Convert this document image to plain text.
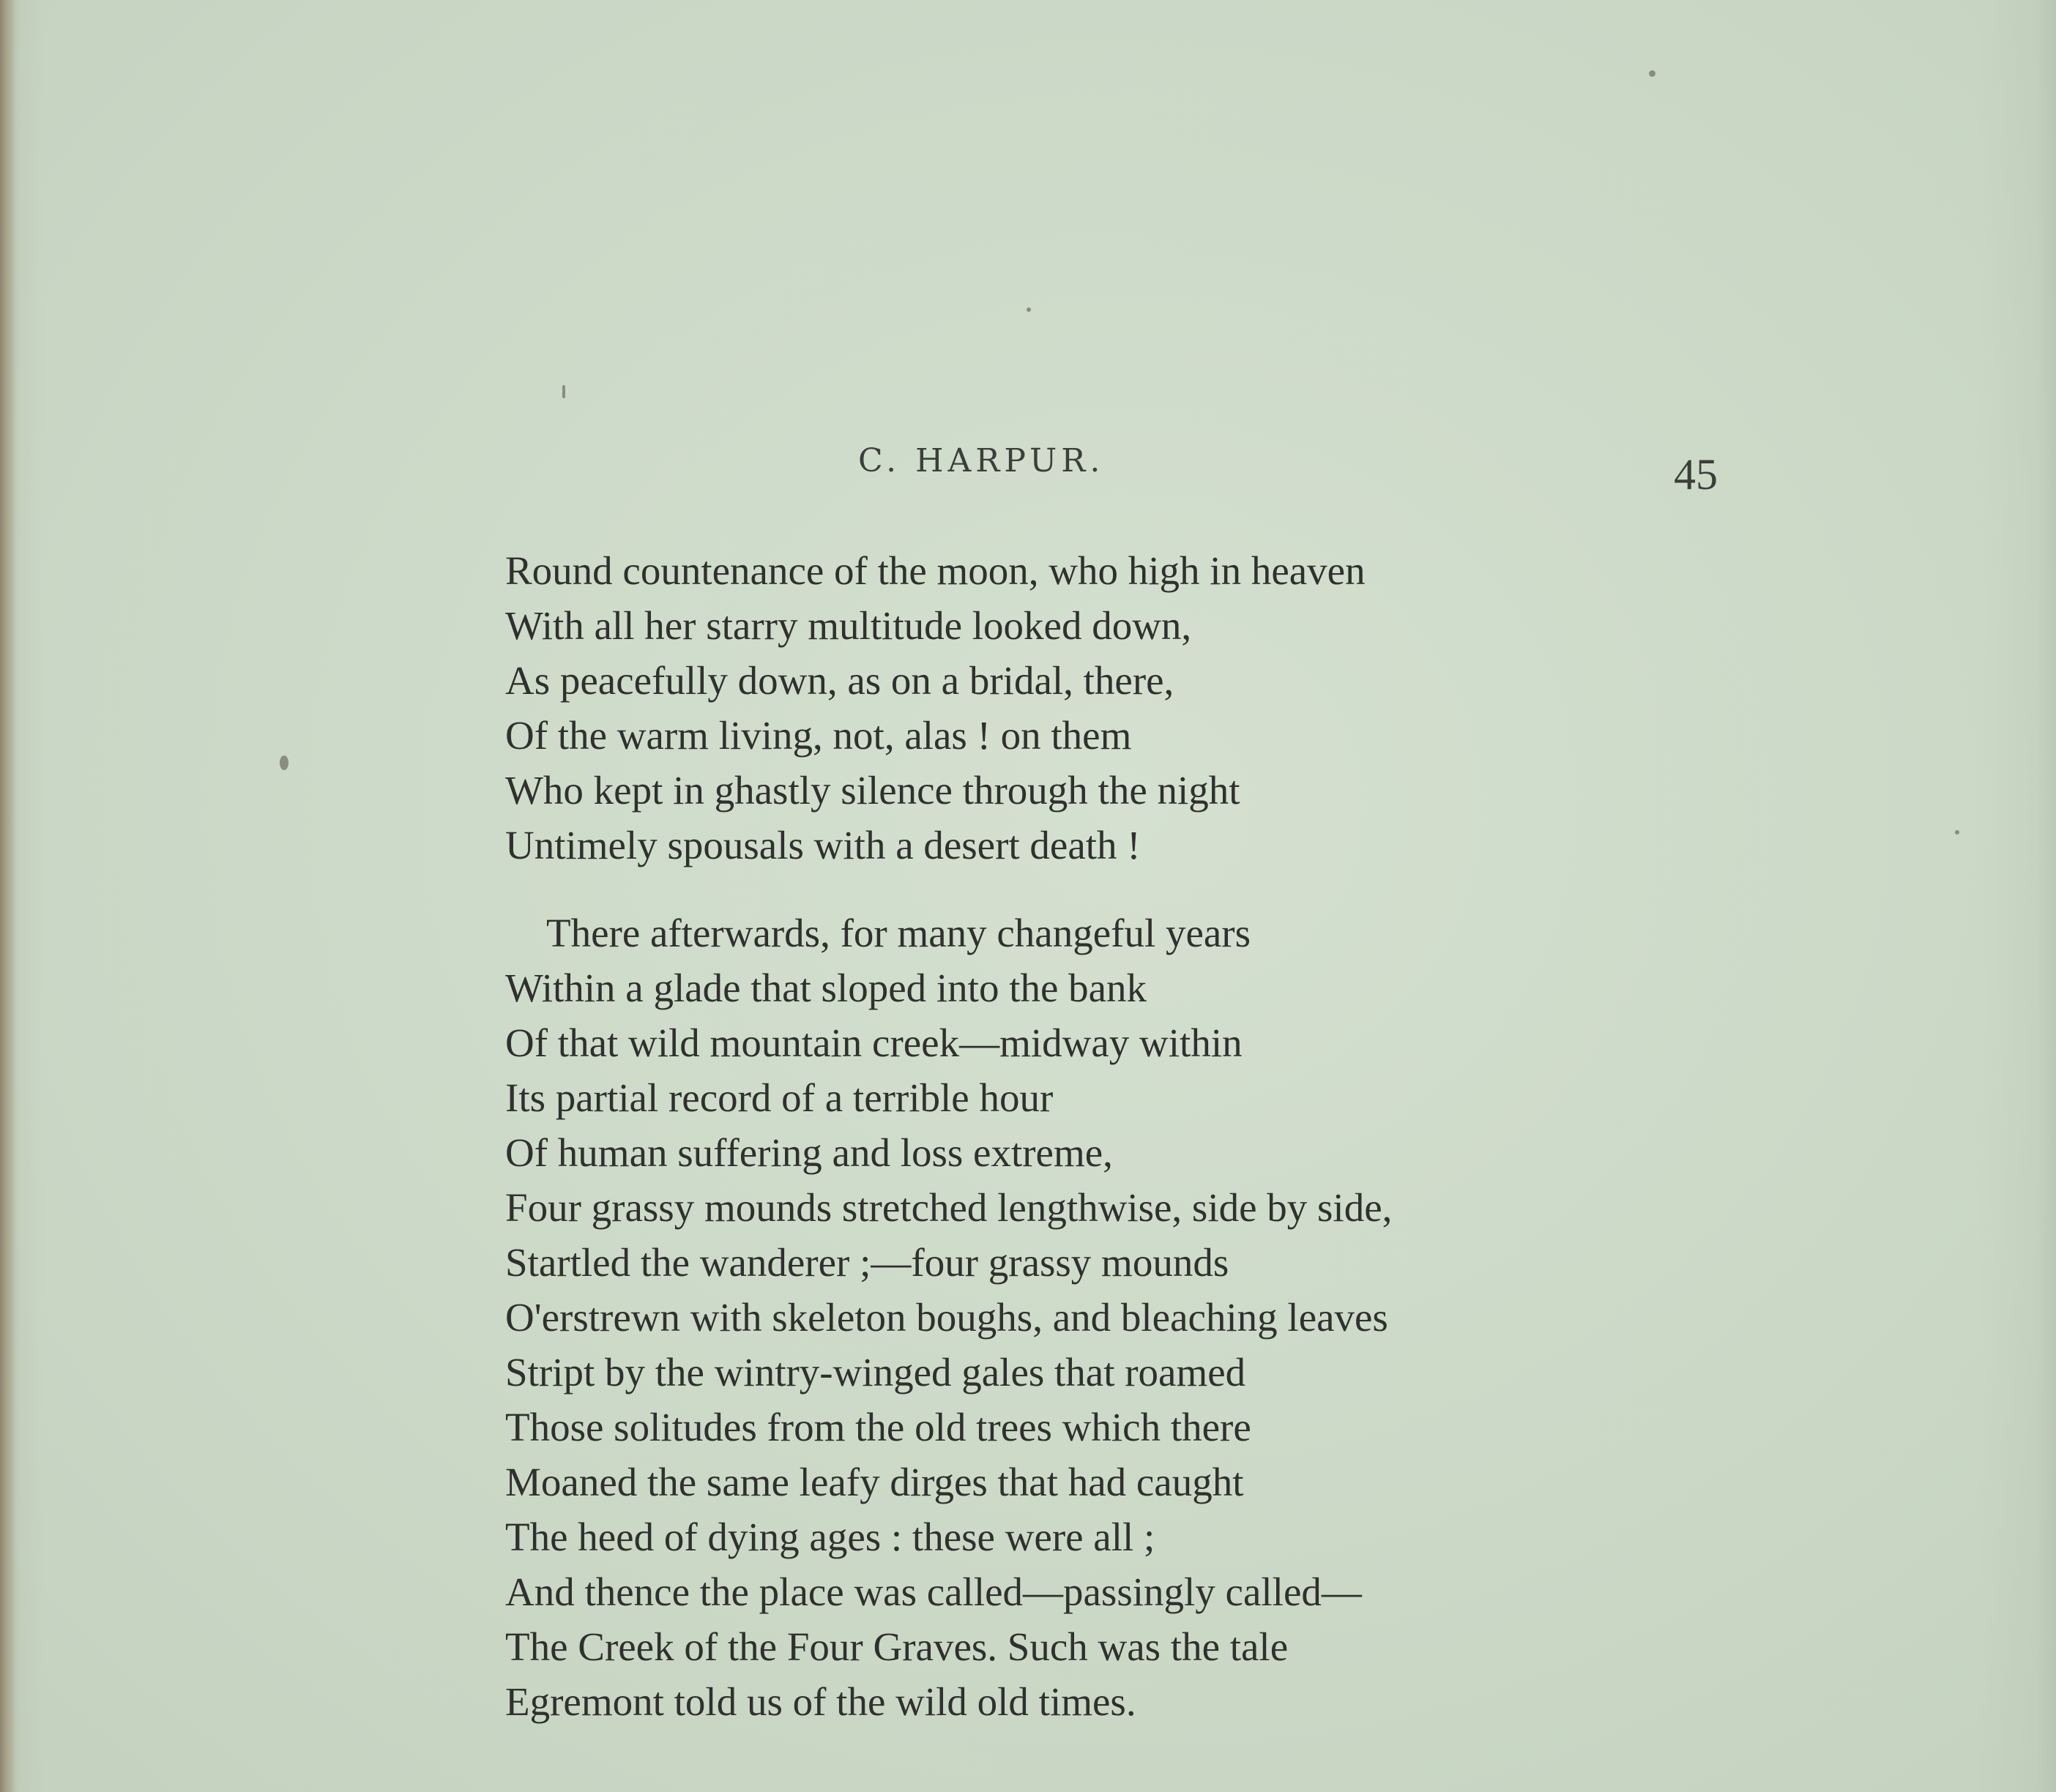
C. HARPUR.	45

Round countenance of the moon, who high in heaven
With all her starry multitude looked down,
As peacefully down, as on a bridal, there,
Of the warm living, not, alas ! on them
Who kept in ghastly silence through the night
Untimely spousals with a desert death !

There afterwards, for many changeful years
Within a glade that sloped into the bank
Of that wild mountain creek—midway within
Its partial record of a terrible hour
Of human suffering and loss extreme,
Four grassy mounds stretched lengthwise, side by side,
Startled the wanderer ;—four grassy mounds
O'erstrewn with skeleton boughs, and bleaching leaves
Stript by the wintry-winged gales that roamed
Those solitudes from the old trees which there
Moaned the same leafy dirges that had caught
The heed of dying ages : these were all ;
And thence the place was called—passingly called—
The Creek of the Four Graves. Such was the tale
Egremont told us of the wild old times.
